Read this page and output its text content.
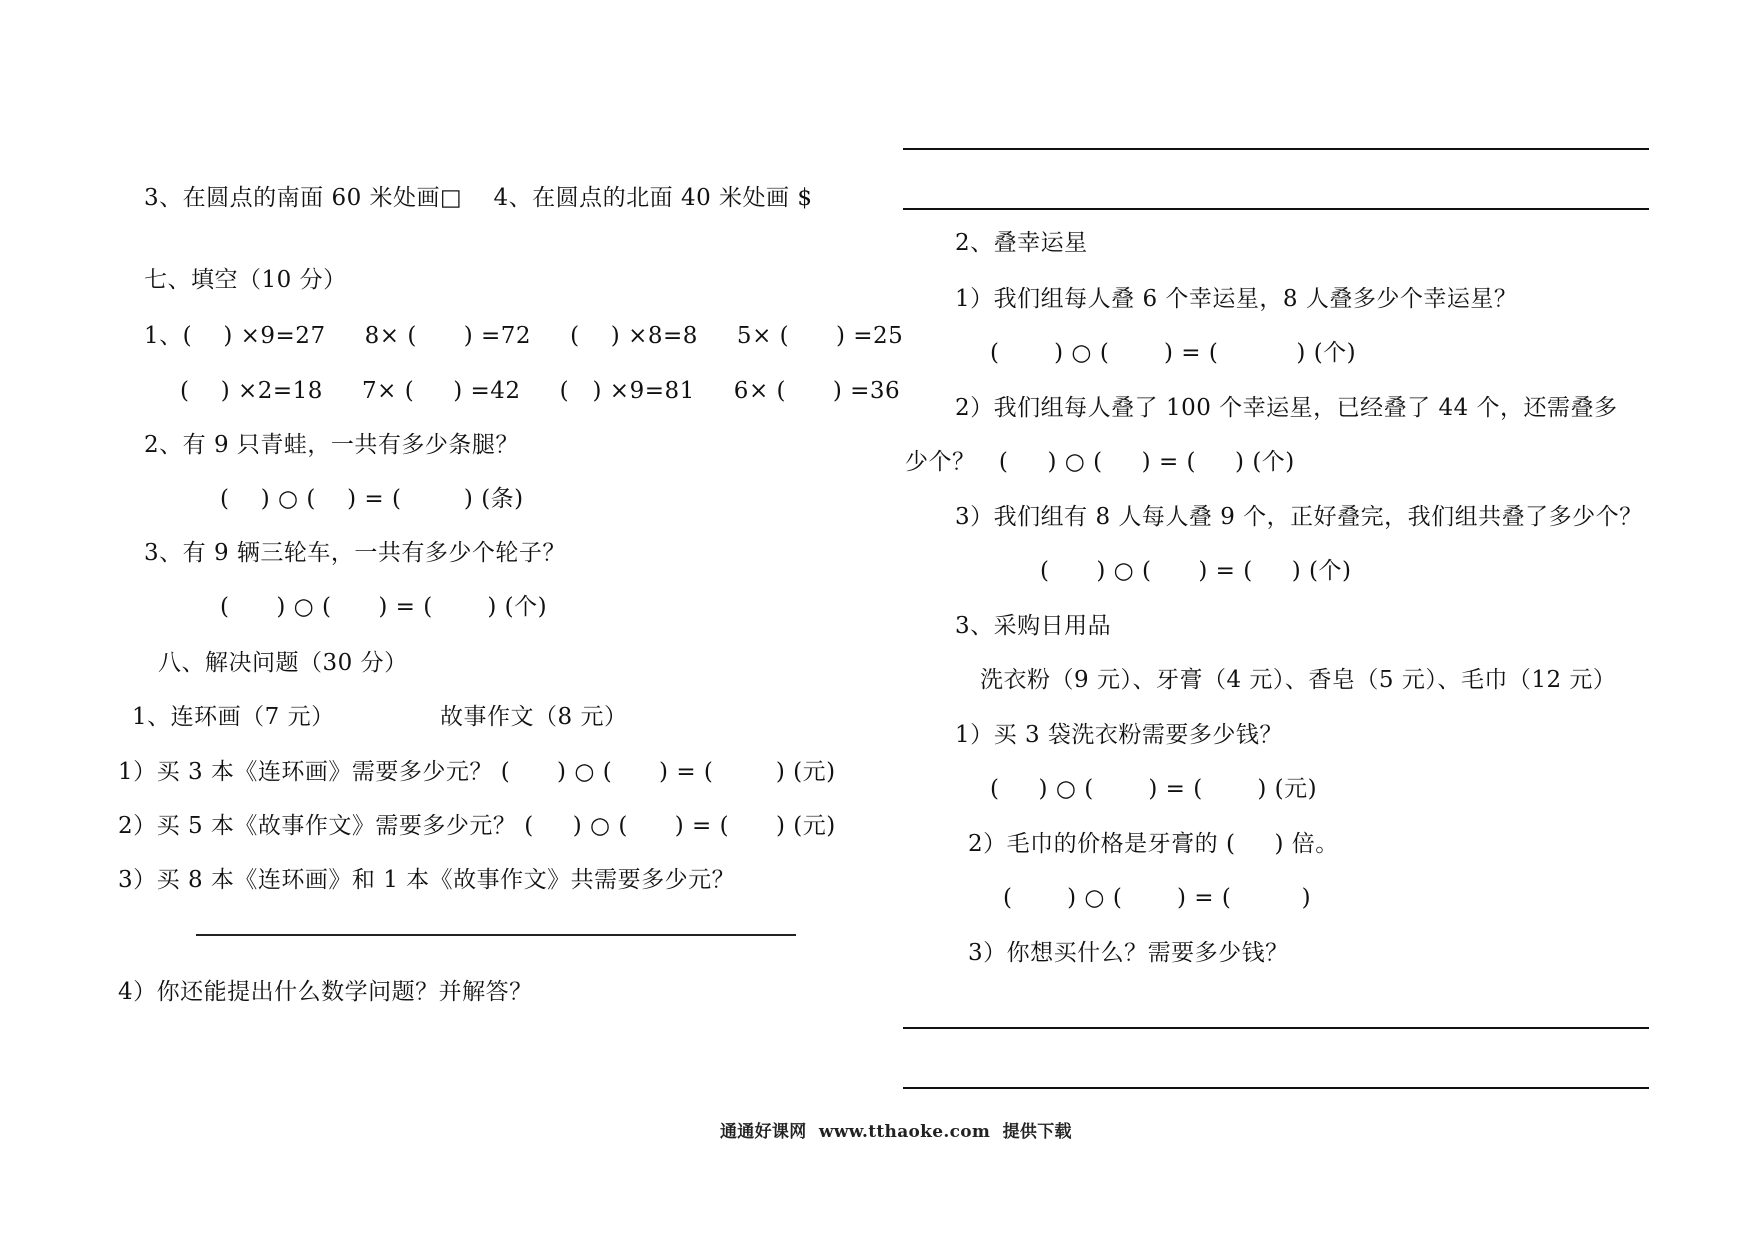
3、在圆点的南面 60 米处画□    4、在圆点的北面 40 米处画 $
七、填空（10 分）
1、(    ) ×9=27     8× (      ) =72     (    ) ×8=8     5× (      ) =25
(    ) ×2=18     7× (     ) =42     (   ) ×9=81     6× (      ) =36
2、有 9 只青蛙，一共有多少条腿？
(    ) ○ (    ) = (        ) (条)
3、有 9 辆三轮车，一共有多少个轮子？
(      ) ○ (      ) = (       ) (个)
八、解决问题（30 分）
1、连环画（7 元）	故事作文（8 元）
1）买 3 本《连环画》需要多少元？ (      ) ○ (      ) = (        ) (元)
2）买 5 本《故事作文》需要多少元？ (     ) ○ (      ) = (      ) (元)
3）买 8 本《连环画》和 1 本《故事作文》共需要多少元？
4）你还能提出什么数学问题？并解答？
2、叠幸运星
1）我们组每人叠 6 个幸运星，8 人叠多少个幸运星？
(       ) ○ (       ) = (          ) (个)
2）我们组每人叠了 100 个幸运星，已经叠了 44 个，还需叠多
少个？   (     ) ○ (     ) = (     ) (个)
3）我们组有 8 人每人叠 9 个，正好叠完，我们组共叠了多少个？
(      ) ○ (      ) = (     ) (个)
3、采购日用品
洗衣粉（9 元）、牙膏（4 元）、香皂（5 元）、毛巾（12 元）
1）买 3 袋洗衣粉需要多少钱？
(     ) ○ (       ) = (       ) (元)
2）毛巾的价格是牙膏的 (     ) 倍。
(       ) ○ (       ) = (         )
3）你想买什么？需要多少钱？
通通好课网  www.tthaoke.com  提供下载
